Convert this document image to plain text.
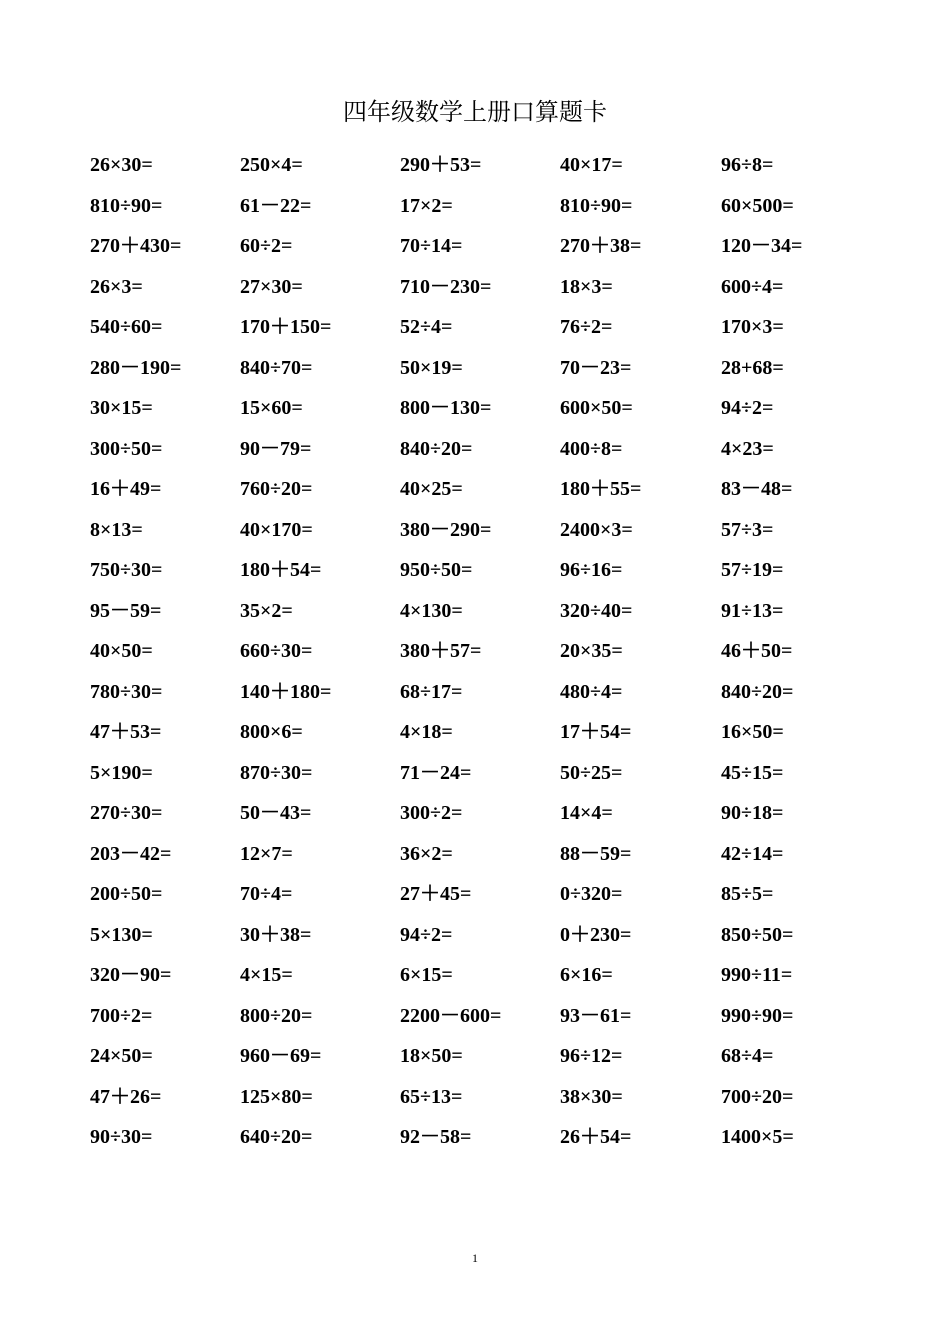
四年级数学上册口算题卡
26×30=	250×4=	290＋53=	40×17=	96÷8=
810÷90=	61－22=	17×2=	810÷90=	60×500=
270＋430=	60÷2=	70÷14=	270＋38=	120－34=
26×3=	27×30=	710－230=	18×3=	600÷4=
540÷60=	170＋150=	52÷4=	76÷2=	170×3=
280－190=	840÷70=	50×19=	70－23=	28+68=
30×15=	15×60=	800－130=	600×50=	94÷2=
300÷50=	90－79=	840÷20=	400÷8=	4×23=
16＋49=	760÷20=	40×25=	180＋55=	83－48=
8×13=	40×170=	380－290=	2400×3=	57÷3=
750÷30=	180＋54=	950÷50=	96÷16=	57÷19=
95－59=	35×2=	4×130=	320÷40=	91÷13=
40×50=	660÷30=	380＋57=	20×35=	46＋50=
780÷30=	140＋180=	68÷17=	480÷4=	840÷20=
47＋53=	800×6=	4×18=	17＋54=	16×50=
5×190=	870÷30=	71－24=	50÷25=	45÷15=
270÷30=	50－43=	300÷2=	14×4=	90÷18=
203－42=	12×7=	36×2=	88－59=	42÷14=
200÷50=	70÷4=	27＋45=	0÷320=	85÷5=
5×130=	30＋38=	94÷2=	0＋230=	850÷50=
320－90=	4×15=	6×15=	6×16=	990÷11=
700÷2=	800÷20=	2200－600=	93－61=	990÷90=
24×50=	960－69=	18×50=	96÷12=	68÷4=
47＋26=	125×80=	65÷13=	38×30=	700÷20=
90÷30=	640÷20=	92－58=	26＋54=	1400×5=
1
